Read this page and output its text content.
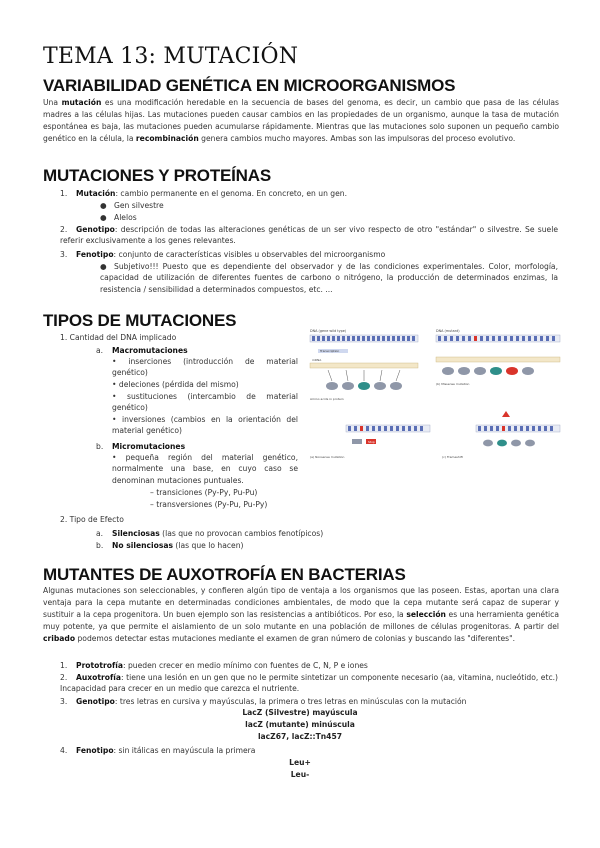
TEMA 13: MUTACIÓN
VARIABILIDAD GENÉTICA EN MICROORGANISMOS
Una mutación es una modificación heredable en la secuencia de bases del genoma, es decir, un cambio que pasa de las células madres a las células hijas. Las mutaciones pueden causar cambios en las propiedades de un organismo, aunque la tasa de mutación espontánea es baja, las mutaciones pueden acumularse rápidamente. Mientras que las mutaciones solo suponen un pequeño cambio genético en la célula, la recombinación genera cambios mucho mayores. Ambas son las impulsoras del proceso evolutivo.
MUTACIONES Y PROTEÍNAS
1. Mutación: cambio permanente en el genoma. En concreto, en un gen.
● Gen silvestre
● Alelos
2. Genotipo: descripción de todas las alteraciones genéticas de un ser vivo respecto de otro "estándar" o silvestre. Se suele referir exclusivamente a los genes relevantes.
3. Fenotipo: conjunto de características visibles u observables del microorganismo
● Subjetivo!!! Puesto que es dependiente del observador y de las condiciones experimentales. Color, morfología, capacidad de utilización de diferentes fuentes de carbono o nitrógeno, la producción de determinados enzimas, la resistencia / sensibilidad a determinados compuestos, etc. ...
TIPOS DE MUTACIONES
1. Cantidad del DNA implicado
a. Macromutaciones
• inserciones (introducción de material genético)
• deleciones (pérdida del mismo)
• sustituciones (intercambio de material genético)
• inversiones (cambios en la orientación del material genético)
b. Micromutaciones
• pequeña región del material genético, normalmente una base, en cuyo caso se denominan mutaciones puntuales.
– transiciones (Py-Py, Pu-Pu)
– transversiones (Py-Pu, Pu-Py)
2. Tipo de Efecto
a. Silenciosas (las que no provocan cambios fenotípicos)
b. No silenciosas (las que lo hacen)
DNA (gene wild type)
Transcription
mRNA
Amino acids in protein
DNA (mutant)
(b) Missense mutation
Stop
(a) Nonsense mutation	(c) Frameshift
MUTANTES DE AUXOTROFÍA EN BACTERIAS
Algunas mutaciones son seleccionables, y confieren algún tipo de ventaja a los organismos que las poseen. Estas, aportan una clara ventaja para la cepa mutante en determinadas condiciones ambientales, de modo que la cepa mutante será capaz de superar y sustituir a la cepa progenitora. Un buen ejemplo son las resistencias a antibióticos. Por eso, la selección es una herramienta genética muy potente, ya que permite el aislamiento de un solo mutante en una población de millones de células progenitoras. A partir del cribado podemos detectar estas mutaciones mediante el examen de gran número de colonias y buscando las "diferentes".
1. Prototrofía: pueden crecer en medio mínimo con fuentes de C, N, P e iones
2. Auxotrofía: tiene una lesión en un gen que no le permite sintetizar un componente necesario (aa, vitamina, nucleótido, etc.) Incapacidad para crecer en un medio que carezca el nutriente.
3. Genotipo: tres letras en cursiva y mayúsculas, la primera o tres letras en minúsculas con la mutación
LacZ (Silvestre) mayúscula
lacZ (mutante) minúscula
lacZ67, lacZ::Tn457
4. Fenotipo: sin itálicas en mayúscula la primera
Leu+
Leu-
